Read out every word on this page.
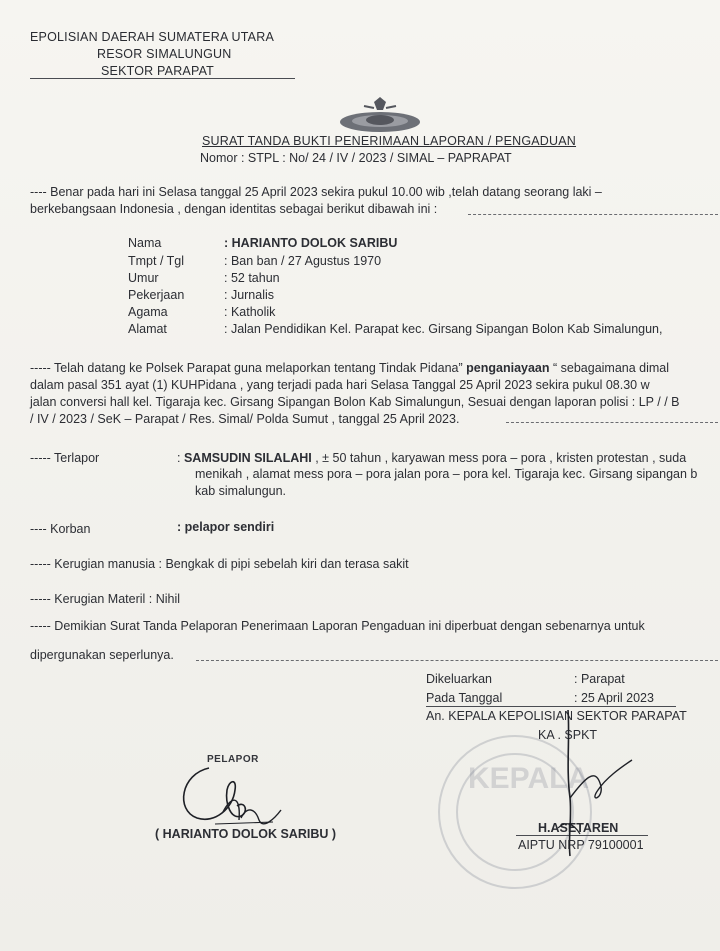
EPOLISIAN DAERAH SUMATERA UTARA
RESOR SIMALUNGUN
SEKTOR PARAPAT
SURAT TANDA BUKTI PENERIMAAN LAPORAN / PENGADUAN
Nomor : STPL : No/ 24 / IV / 2023 / SIMAL – PAPRAPAT
---- Benar pada hari ini Selasa tanggal 25 April 2023 sekira pukul 10.00 wib ,telah datang seorang laki –
berkebangsaan Indonesia , dengan identitas sebagai berikut dibawah ini :
Nama	: HARIANTO DOLOK SARIBU
Tmpt / Tgl	: Ban ban / 27 Agustus 1970
Umur	: 52 tahun
Pekerjaan	: Jurnalis
Agama	: Katholik
Alamat	: Jalan Pendidikan Kel. Parapat kec. Girsang Sipangan Bolon Kab Simalungun,
----- Telah datang ke Polsek Parapat guna melaporkan tentang Tindak Pidana” penganiayaan “ sebagaimana dimal
dalam pasal 351 ayat (1) KUHPidana , yang terjadi pada hari Selasa Tanggal 25 April 2023 sekira pukul 08.30 w
jalan conversi hall kel. Tigaraja kec. Girsang Sipangan Bolon Kab Simalungun, Sesuai dengan laporan polisi : LP / / B
/ IV / 2023 / SeK – Parapat / Res. Simal/ Polda Sumut , tanggal 25 April 2023.
----- Terlapor	: SAMSUDIN SILALAHI , ± 50 tahun , karyawan mess pora – pora , kristen protestan , suda
menikah , alamat mess pora – pora jalan pora – pora kel. Tigaraja kec. Girsang sipangan b
kab simalungun.
---- Korban	: pelapor sendiri
----- Kerugian manusia : Bengkak di pipi sebelah kiri dan terasa sakit
----- Kerugian Materil : Nihil
----- Demikian Surat Tanda Pelaporan Penerimaan Laporan Pengaduan ini diperbuat dengan sebenarnya untuk
dipergunakan seperlunya.
KEPALA
Dikeluarkan	: Parapat
Pada Tanggal	: 25 April 2023
An. KEPALA KEPOLISIAN SEKTOR PARAPAT
KA . SPKT
H.ASETAREN
AIPTU NRP 79100001
PELAPOR
( HARIANTO DOLOK SARIBU )
